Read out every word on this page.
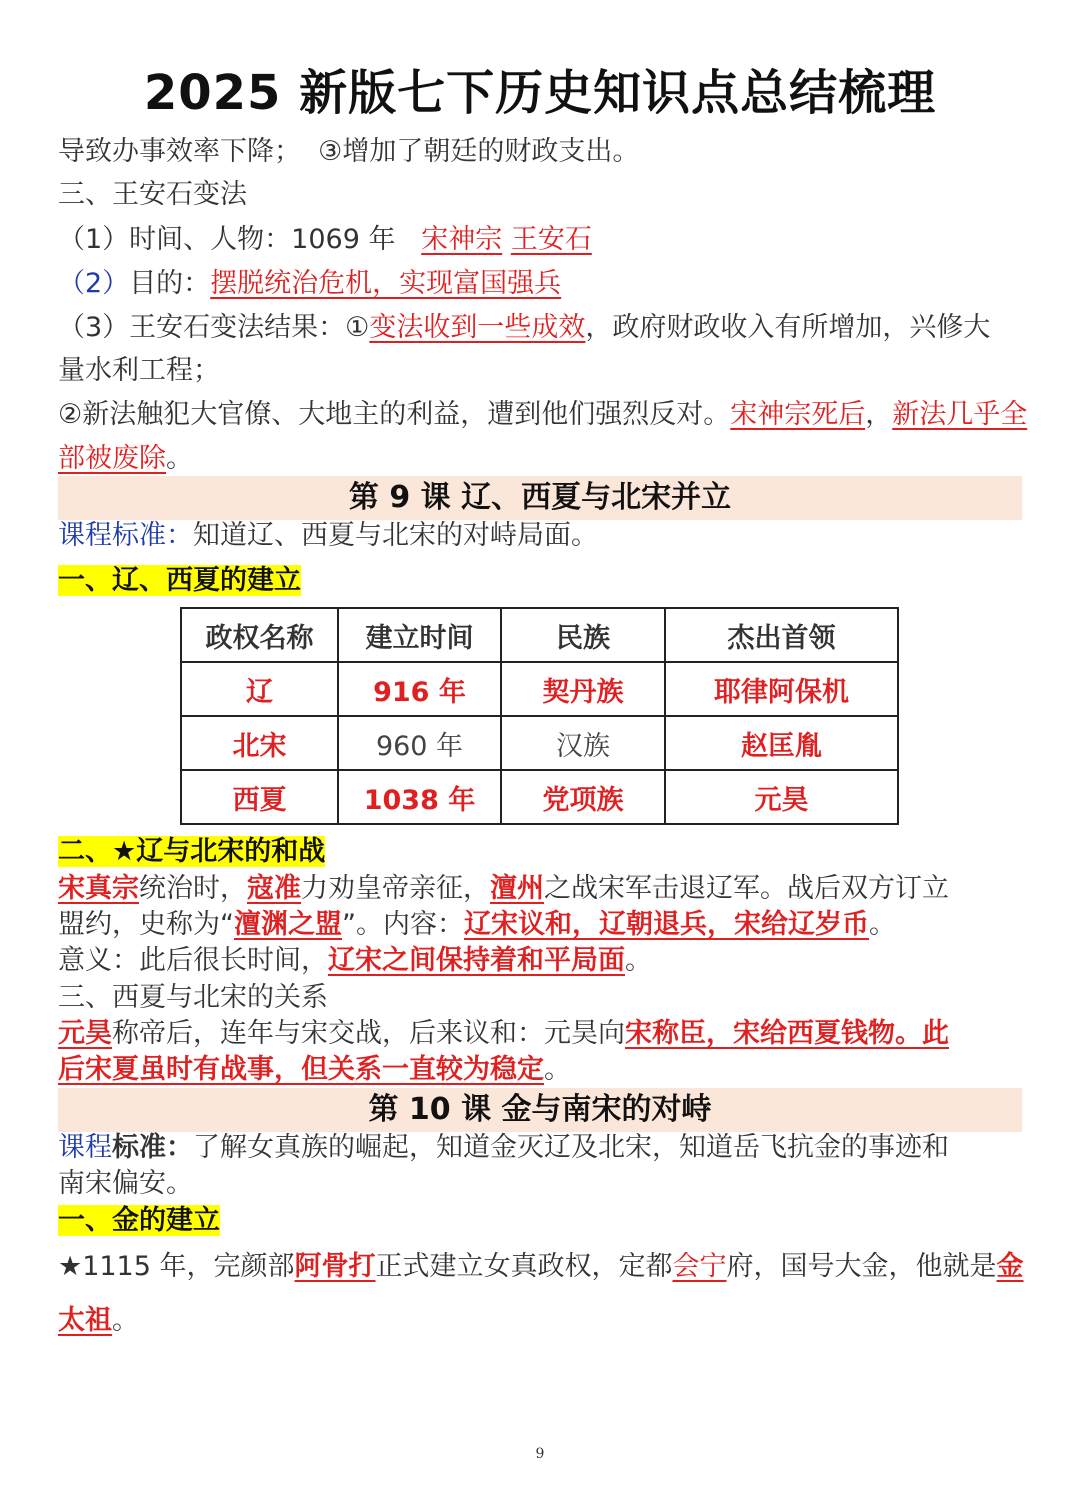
2025 新版七下历史知识点总结梳理
导致办事效率下降； ③增加了朝廷的财政支出。
三、王安石变法
（1）时间、人物：1069 年 宋神宗 王安石
（2）目的：摆脱统治危机，实现富国强兵
（3）王安石变法结果：①变法收到一些成效，政府财政收入有所增加，兴修大
量水利工程；
②新法触犯大官僚、大地主的利益，遭到他们强烈反对。宋神宗死后，新法几乎全
部被废除。
第 9 课 辽、西夏与北宋并立
课程标准：知道辽、西夏与北宋的对峙局面。
一、辽、西夏的建立
政权名称	建立时间	民族	杰出首领
辽	916 年	契丹族	耶律阿保机
北宋	960 年	汉族	赵匡胤
西夏	1038 年	党项族	元昊
二、★辽与北宋的和战
宋真宗统治时，寇准力劝皇帝亲征，澶州之战宋军击退辽军。战后双方订立
盟约，史称为“澶渊之盟”。内容：辽宋议和，辽朝退兵，宋给辽岁币。
意义：此后很长时间，辽宋之间保持着和平局面。
三、西夏与北宋的关系
元昊称帝后，连年与宋交战，后来议和：元昊向宋称臣，宋给西夏钱物。此
后宋夏虽时有战事，但关系一直较为稳定。
第 10 课 金与南宋的对峙
课程标准：了解女真族的崛起，知道金灭辽及北宋，知道岳飞抗金的事迹和
南宋偏安。
一、金的建立
★1115 年，完颜部阿骨打正式建立女真政权，定都会宁府，国号大金，他就是金
太祖。
9
